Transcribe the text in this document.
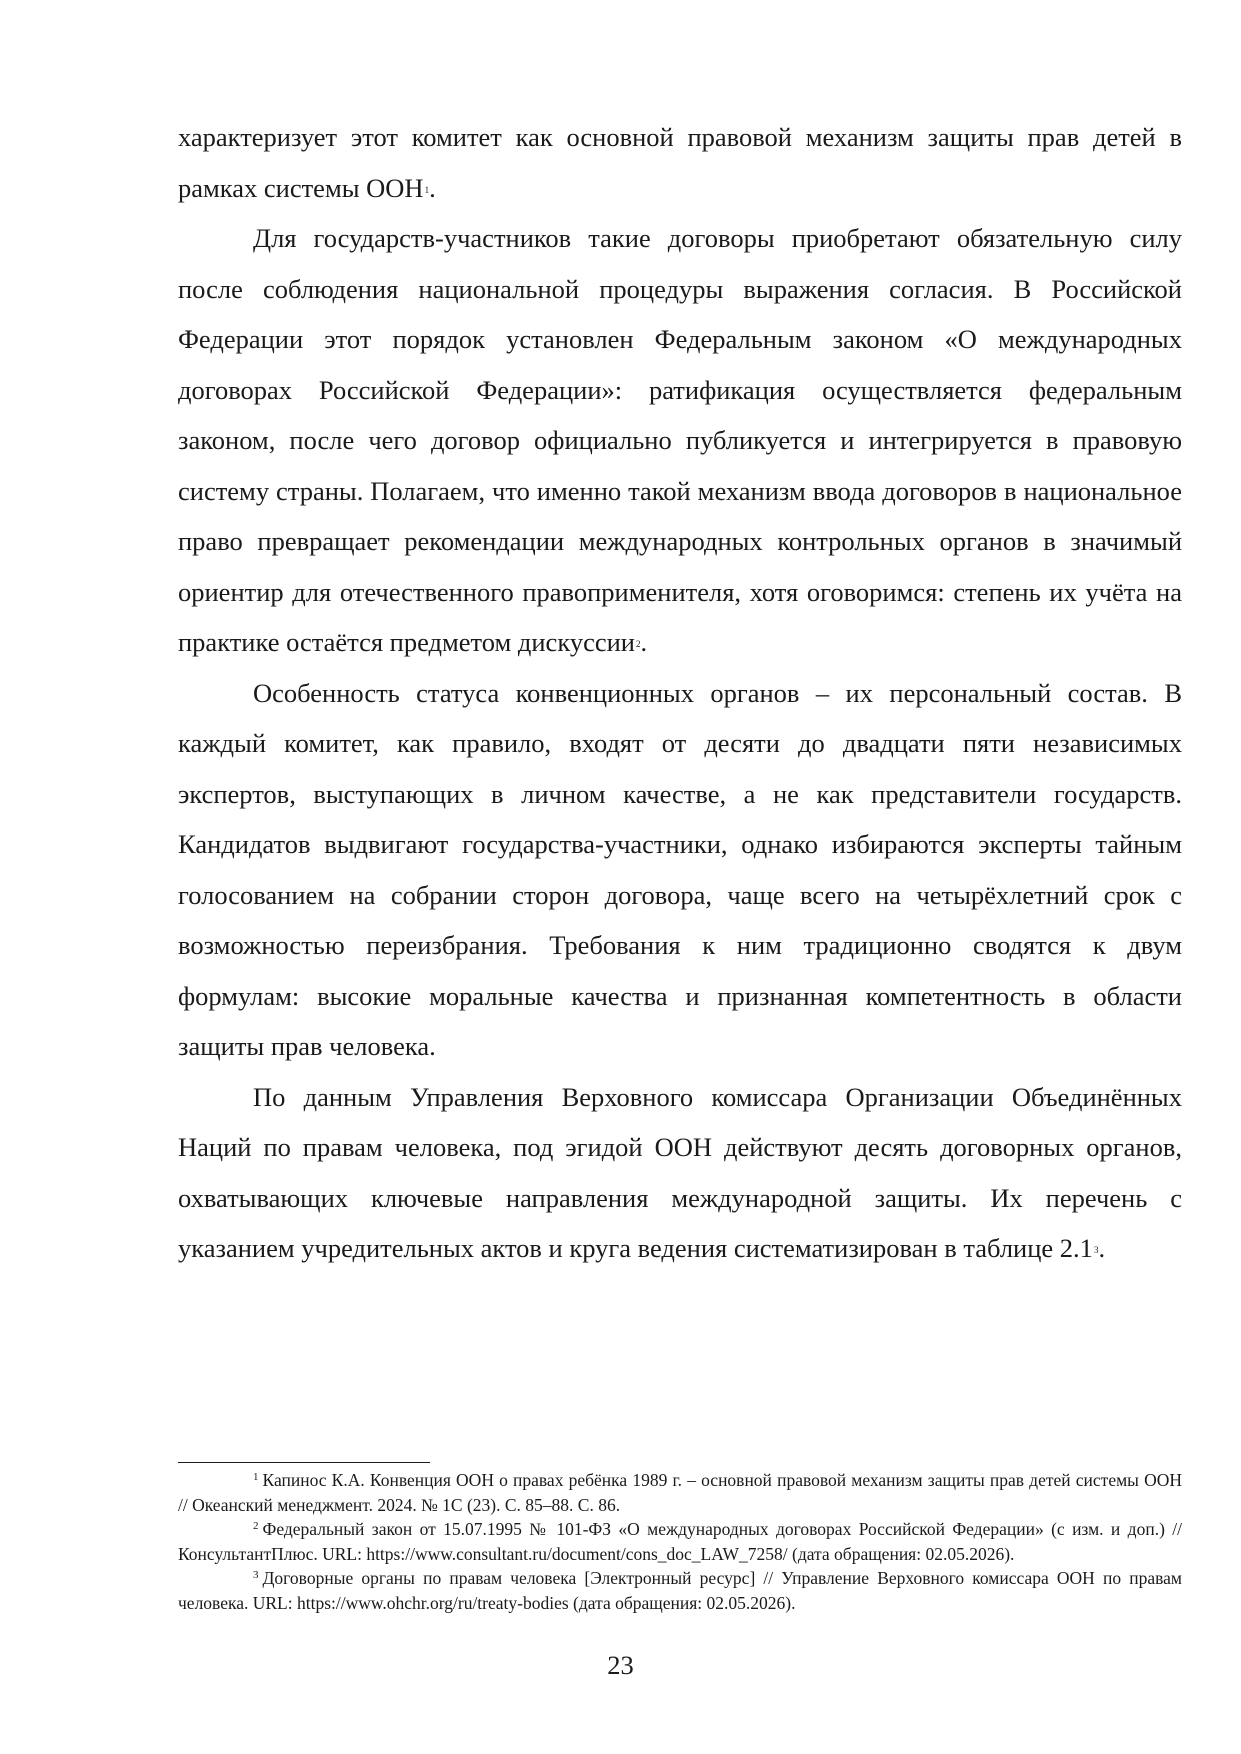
характеризует этот комитет как основной правовой механизм защиты прав детей в рамках системы ООН$^1$.

Для государств-участников такие договоры приобретают обязательную силу после соблюдения национальной процедуры выражения согласия. В Российской Федерации этот порядок установлен Федеральным законом «О международных договорах Российской Федерации»: ратификация осуществляется федеральным законом, после чего договор официально публикуется и интегрируется в правовую систему страны. Полагаем, что именно такой механизм ввода договоров в национальное право превращает рекомендации международных контрольных органов в значимый ориентир для отечественного правоприменителя, хотя оговоримся: степень их учёта на практике остаётся предметом дискуссии$^2$.

Особенность статуса конвенционных органов – их персональный состав. В каждый комитет, как правило, входят от десяти до двадцати пяти независимых экспертов, выступающих в личном качестве, а не как представители государств. Кандидатов выдвигают государства-участники, однако избираются эксперты тайным голосованием на собрании сторон договора, чаще всего на четырёхлетний срок с возможностью переизбрания. Требования к ним традиционно сводятся к двум формулам: высокие моральные качества и признанная компетентность в области защиты прав человека.

По данным Управления Верховного комиссара Организации Объединённых Наций по правам человека, под эгидой ООН действуют десять договорных органов, охватывающих ключевые направления международной защиты. Их перечень с указанием учредительных актов и круга ведения систематизирован в таблице $2.1^3$.

$^1$ Капинос К.А. Конвенция ООН о правах ребёнка 1989 г. – основной правовой механизм защиты прав детей системы ООН // Океанский менеджмент. 2024. № 1С (23). С. 85–88. С. 86.

$^2$ Федеральный закон от 15.07.1995 № 101-ФЗ «О международных договорах Российской Федерации» (с изм. и доп.) // КонсультантПлюс. URL: https://www.consultant.ru/document/cons_doc_LAW_7258/ (дата обращения: 02.05.2026).

$^3$ Договорные органы по правам человека [Электронный ресурс] // Управление Верховного комиссара ООН по правам человека. URL: https://www.ohchr.org/ru/treaty-bodies (дата обращения: 02.05.2026).

23
